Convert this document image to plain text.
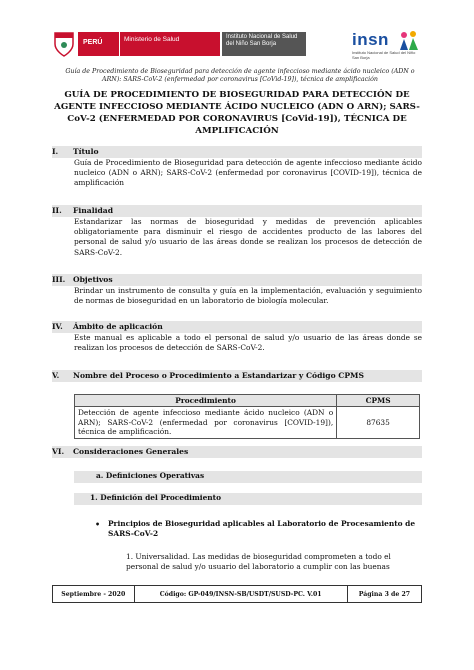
PERÚ	Ministerio de Salud	Instituto Nacional de Salud del Niño San Borja	insn
Instituto Nacional de Salud del Niño San Borja
Guía de Procedimiento de Bioseguridad para detección de agente infeccioso mediante ácido nucleico (ADN o ARN): SARS-CoV-2 (enfermedad por coronavirus [CoVid-19]), técnica de amplificación
GUÍA DE PROCEDIMIENTO DE BIOSEGURIDAD PARA DETECCIÓN DE AGENTE INFECCIOSO MEDIANTE ÁCIDO NUCLEICO (ADN O ARN); SARS-CoV-2 (ENFERMEDAD POR CORONAVIRUS [CoVid-19]), TÉCNICA DE AMPLIFICACIÓN
I. Título
Guía de Procedimiento de Bioseguridad para detección de agente infeccioso mediante ácido nucleico (ADN o ARN); SARS-CoV-2 (enfermedad por coronavirus [COVID-19]), técnica de amplificación
II. Finalidad
Estandarizar las normas de bioseguridad y medidas de prevención aplicables obligatoriamente para disminuir el riesgo de accidentes producto de las labores del personal de salud y/o usuario de las áreas donde se realizan los procesos de detección de SARS-CoV-2.
III. Objetivos
Brindar un instrumento de consulta y guía en la implementación, evaluación y seguimiento de normas de bioseguridad en un laboratorio de biología molecular.
IV. Ámbito de aplicación
Este manual es aplicable a todo el personal de salud y/o usuario de las áreas donde se realizan los procesos de detección de SARS-CoV-2.
V. Nombre del Proceso o Procedimiento a Estandarizar y Código CPMS
Procedimiento	CPMS
Detección de agente infeccioso mediante ácido nucleico (ADN o ARN); SARS-CoV-2 (enfermedad por coronavirus [COVID-19]), técnica de amplificación.	87635
VI. Consideraciones Generales
a. Definiciones Operativas
1. Definición del Procedimiento
• Principios de Bioseguridad aplicables al Laboratorio de Procesamiento de SARS-CoV-2
1. Universalidad. Las medidas de bioseguridad comprometen a todo el personal de salud y/o usuario del laboratorio a cumplir con las buenas
Septiembre - 2020	Código: GP-049/INSN-SB/USDT/SUSD-PC. V.01	Página 3 de 27
